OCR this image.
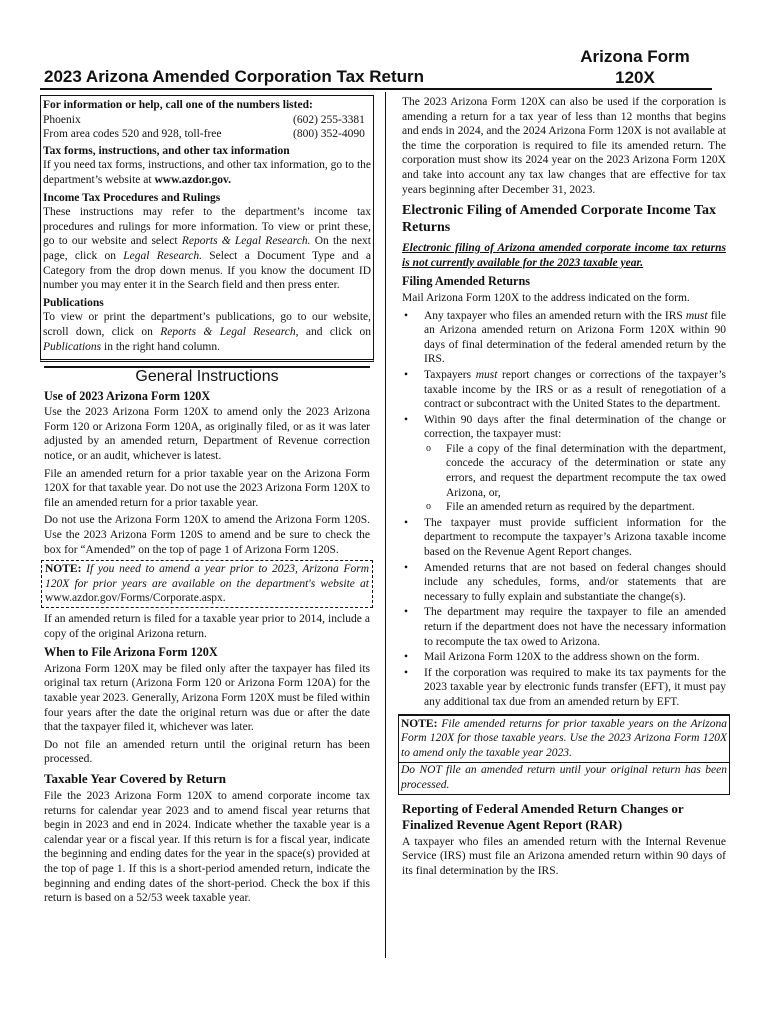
2023 Arizona Amended Corporation Tax Return
Arizona Form
120X
For information or help, call one of the numbers listed:
Phoenix	(602) 255-3381
From area codes 520 and 928, toll-free	(800) 352-4090
Tax forms, instructions, and other tax information

If you need tax forms, instructions, and other tax information, go to the department’s website at www.azdor.gov.

Income Tax Procedures and Rulings

These instructions may refer to the department’s income tax procedures and rulings for more information. To view or print these, go to our website and select Reports & Legal Research. On the next page, click on Legal Research. Select a Document Type and a Category from the drop down menus. If you know the document ID number you may enter it in the Search field and then press enter.

Publications

To view or print the department’s publications, go to our website, scroll down, click on Reports & Legal Research, and click on Publications in the right hand column.

General Instructions
Use of 2023 Arizona Form 120X

Use the 2023 Arizona Form 120X to amend only the 2023 Arizona Form 120 or Arizona Form 120A, as originally filed, or as it was later adjusted by an amended return, Department of Revenue correction notice, or an audit, whichever is latest.

File an amended return for a prior taxable year on the Arizona Form 120X for that taxable year. Do not use the 2023 Arizona Form 120X to file an amended return for a prior taxable year.

Do not use the Arizona Form 120X to amend the Arizona Form 120S. Use the 2023 Arizona Form 120S to amend and be sure to check the box for “Amended” on the top of page 1 of Arizona Form 120S.

NOTE: If you need to amend a year prior to 2023, Arizona Form 120X for prior years are available on the department's website at www.azdor.gov/Forms/Corporate.aspx.

If an amended return is filed for a taxable year prior to 2014, include a copy of the original Arizona return.

When to File Arizona Form 120X

Arizona Form 120X may be filed only after the taxpayer has filed its original tax return (Arizona Form 120 or Arizona Form 120A) for the taxable year 2023. Generally, Arizona Form 120X must be filed within four years after the date the original return was due or after the date that the taxpayer filed it, whichever was later.

Do not file an amended return until the original return has been processed.

Taxable Year Covered by Return

File the 2023 Arizona Form 120X to amend corporate income tax returns for calendar year 2023 and to amend fiscal year returns that begin in 2023 and end in 2024. Indicate whether the taxable year is a calendar year or a fiscal year. If this return is for a fiscal year, indicate the beginning and ending dates for the year in the space(s) provided at the top of page 1. If this is a short-period amended return, indicate the beginning and ending dates of the short-period. Check the box if this return is based on a 52/53 week taxable year.

The 2023 Arizona Form 120X can also be used if the corporation is amending a return for a tax year of less than 12 months that begins and ends in 2024, and the 2024 Arizona Form 120X is not available at the time the corporation is required to file its amended return. The corporation must show its 2024 year on the 2023 Arizona Form 120X and take into account any tax law changes that are effective for tax years beginning after December 31, 2023.

Electronic Filing of Amended Corporate Income Tax Returns

Electronic filing of Arizona amended corporate income tax returns is not currently available for the 2023 taxable year.

Filing Amended Returns

Mail Arizona Form 120X to the address indicated on the form.

• Any taxpayer who files an amended return with the IRS must file an Arizona amended return on Arizona Form 120X within 90 days of final determination of the federal amended return by the IRS.
• Taxpayers must report changes or corrections of the taxpayer’s taxable income by the IRS or as a result of renegotiation of a contract or subcontract with the United States to the department.
• Within 90 days after the final determination of the change or correction, the taxpayer must:
o File a copy of the final determination with the department, concede the accuracy of the determination or state any errors, and request the department recompute the tax owed Arizona, or,
o File an amended return as required by the department.
• The taxpayer must provide sufficient information for the department to recompute the taxpayer’s Arizona taxable income based on the Revenue Agent Report changes.
• Amended returns that are not based on federal changes should include any schedules, forms, and/or statements that are necessary to fully explain and substantiate the change(s).
• The department may require the taxpayer to file an amended return if the department does not have the necessary information to recompute the tax owed to Arizona.
• Mail Arizona Form 120X to the address shown on the form.
• If the corporation was required to make its tax payments for the 2023 taxable year by electronic funds transfer (EFT), it must pay any additional tax due from an amended return by EFT.

NOTE: File amended returns for prior taxable years on the Arizona Form 120X for those taxable years. Use the 2023 Arizona Form 120X to amend only the taxable year 2023.

Do NOT file an amended return until your original return has been processed.

Reporting of Federal Amended Return Changes or Finalized Revenue Agent Report (RAR)

A taxpayer who files an amended return with the Internal Revenue Service (IRS) must file an Arizona amended return within 90 days of its final determination by the IRS.
